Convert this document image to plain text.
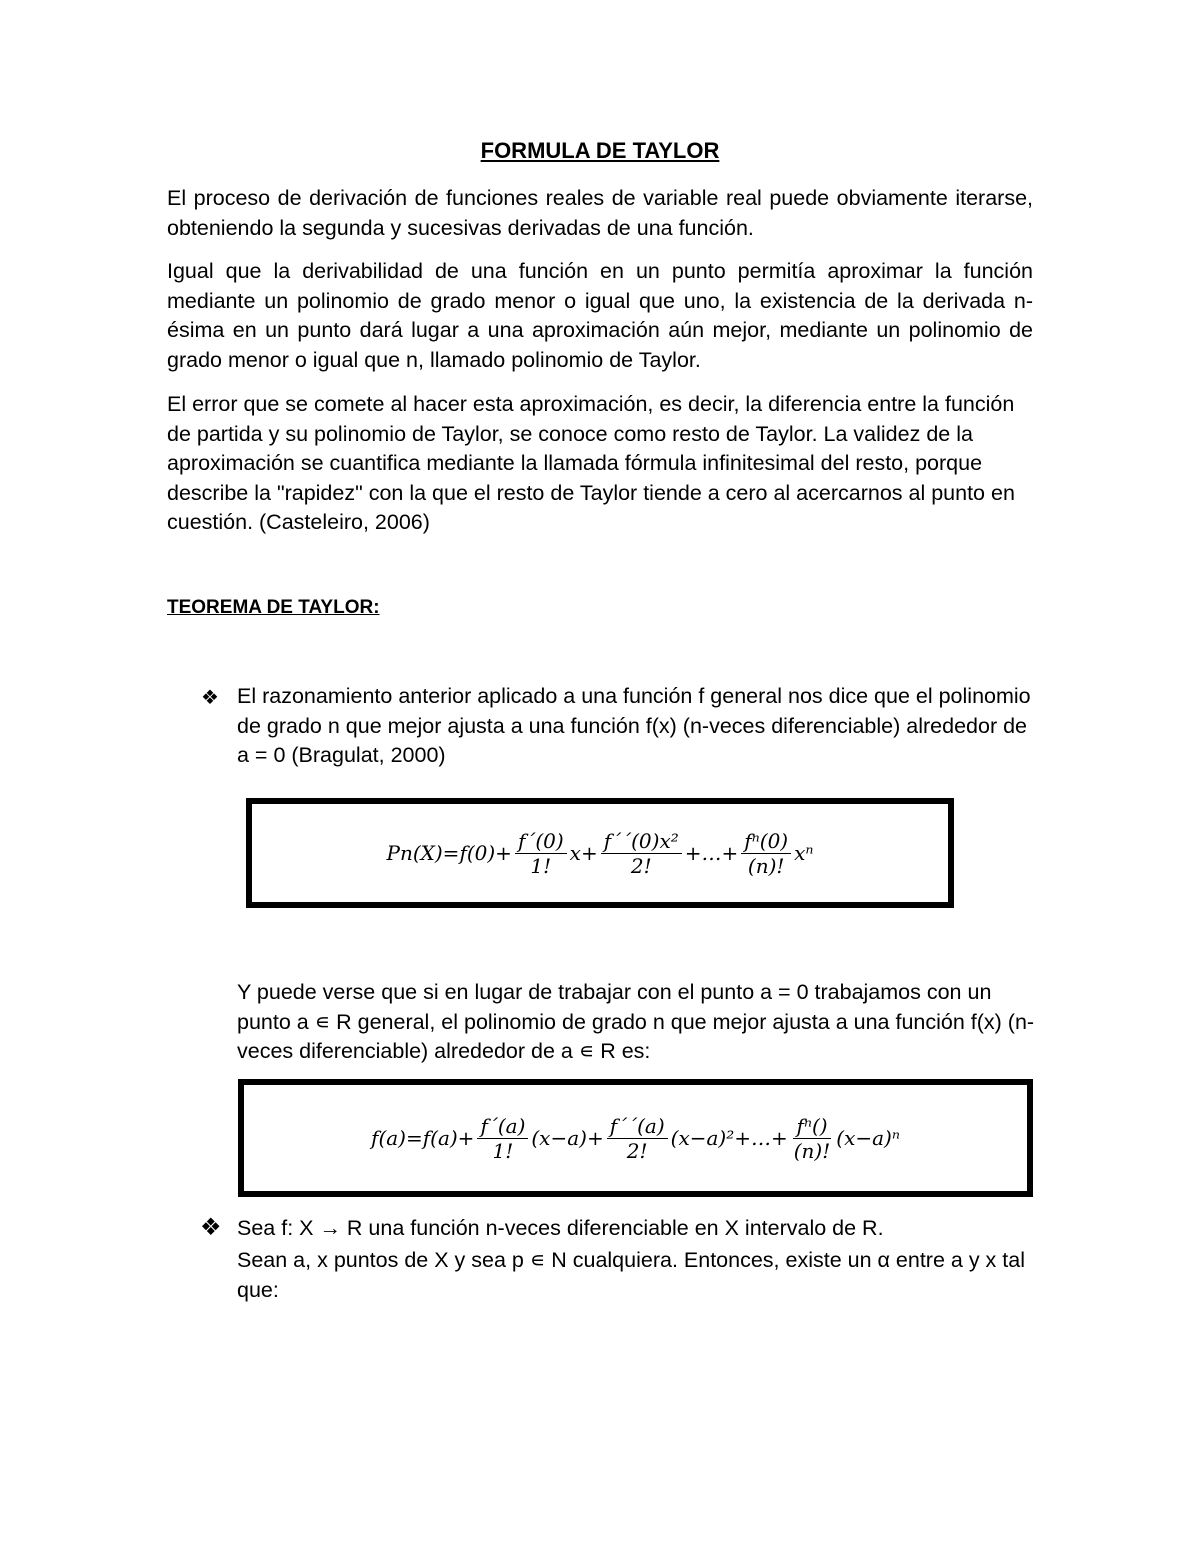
FORMULA DE TAYLOR

El proceso de derivación de funciones reales de variable real puede obviamente iterarse, obteniendo la segunda y sucesivas derivadas de una función.

Igual que la derivabilidad de una función en un punto permitía aproximar la función mediante un polinomio de grado menor o igual que uno, la existencia de la derivada n-ésima en un punto dará lugar a una aproximación aún mejor, mediante un polinomio de grado menor o igual que n, llamado polinomio de Taylor.

El error que se comete al hacer esta aproximación, es decir, la diferencia entre la función de partida y su polinomio de Taylor, se conoce como resto de Taylor. La validez de la aproximación se cuantifica mediante la llamada fórmula infinitesimal del resto, porque describe la "rapidez" con la que el resto de Taylor tiende a cero al acercarnos al punto en cuestión. (Casteleiro, 2006)

TEOREMA DE TAYLOR:
❖ El razonamiento anterior aplicado a una función f general nos dice que el polinomio de grado n que mejor ajusta a una función f(x) (n-veces diferenciable) alrededor de a = 0 (Bragulat, 2000)

$Pn(X)=f(0)+ \frac{f´(0)}{1!} x+ \frac{\text{f´´(0)x²}}{2!}$ +…+ $\frac{\text{fⁿ(0)}}{(n)!}$ xⁿ

Y puede verse que si en lugar de trabajar con el punto a = 0 trabajamos con un punto a ∊ R general, el polinomio de grado n que mejor ajusta a una función f(x) (n-veces diferenciable) alrededor de a ∊ R es:

$f(a)=f(a)+ \frac{f´(a)}{1!} (x-a)+ \frac{f´´(a)}{2!}$ (x−a)²+…+ $\frac{\text{fⁿ()}}{(n)!} (x-a)^n$
❖ Sea f: X → R una función n-veces diferenciable en X intervalo de R.

Sean a, x puntos de X y sea p ∊ N cualquiera. Entonces, existe un α entre a y x tal que:
